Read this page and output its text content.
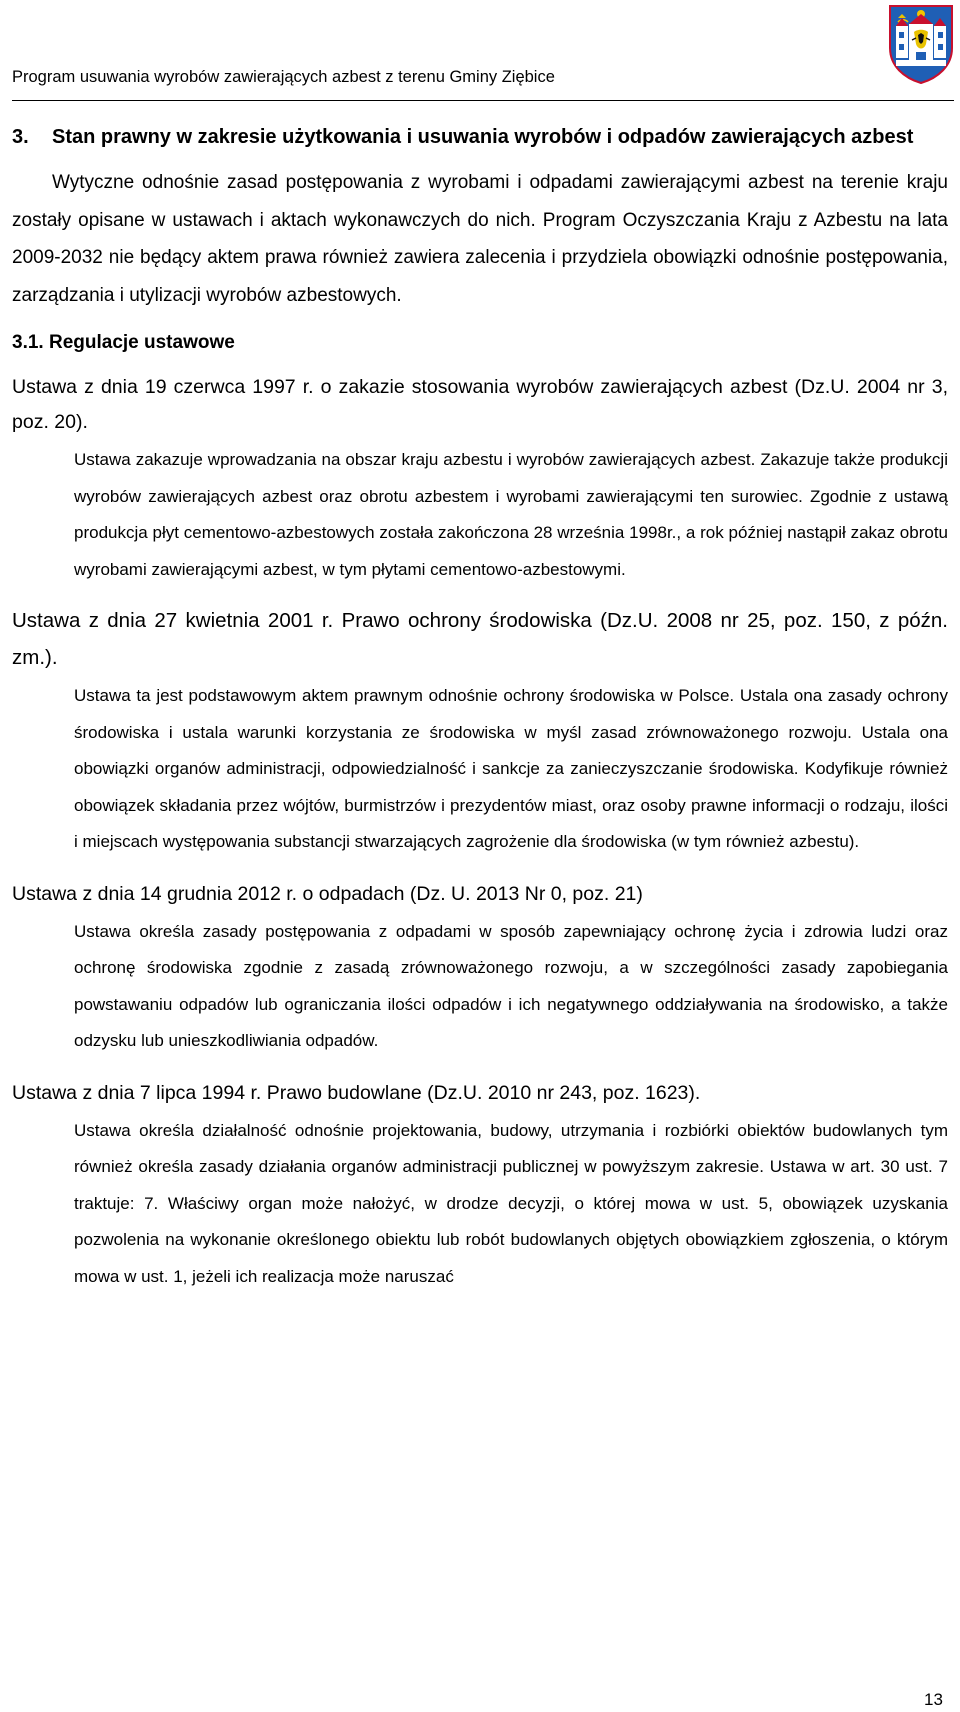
Program usuwania wyrobów zawierających azbest z terenu Gminy Ziębice
3.	Stan prawny w zakresie użytkowania i usuwania wyrobów i odpadów zawierających azbest

Wytyczne odnośnie zasad postępowania z wyrobami i odpadami zawierającymi azbest na terenie kraju zostały opisane w ustawach i aktach wykonawczych do nich. Program Oczyszczania Kraju z Azbestu na lata 2009-2032 nie będący aktem prawa również zawiera zalecenia i przydziela obowiązki odnośnie postępowania, zarządzania i utylizacji wyrobów azbestowych.

3.1. Regulacje ustawowe

Ustawa z dnia 19 czerwca 1997 r. o zakazie stosowania wyrobów zawierających azbest (Dz.U. 2004 nr 3, poz. 20).

Ustawa zakazuje wprowadzania na obszar kraju azbestu i wyrobów zawierających azbest. Zakazuje także produkcji wyrobów zawierających azbest oraz obrotu azbestem i wyrobami zawierającymi ten surowiec. Zgodnie z ustawą produkcja płyt cementowo-azbestowych została zakończona 28 września 1998r., a rok później nastąpił zakaz obrotu wyrobami zawierającymi azbest, w tym płytami cementowo-azbestowymi.

Ustawa z dnia 27 kwietnia 2001 r. Prawo ochrony środowiska (Dz.U. 2008 nr 25, poz. 150, z późn. zm.).

Ustawa ta jest podstawowym aktem prawnym odnośnie ochrony środowiska w Polsce. Ustala ona zasady ochrony środowiska i ustala warunki korzystania ze środowiska w myśl zasad zrównoważonego rozwoju. Ustala ona obowiązki organów administracji, odpowiedzialność i sankcje za zanieczyszczanie środowiska. Kodyfikuje również obowiązek składania przez wójtów, burmistrzów i prezydentów miast, oraz osoby prawne informacji o rodzaju, ilości i miejscach występowania substancji stwarzających zagrożenie dla środowiska (w tym również azbestu).

Ustawa z dnia 14 grudnia 2012 r. o odpadach (Dz. U. 2013 Nr 0, poz. 21)

Ustawa określa zasady postępowania z odpadami w sposób zapewniający ochronę życia i zdrowia ludzi oraz ochronę środowiska zgodnie z zasadą zrównoważonego rozwoju, a w szczególności zasady zapobiegania powstawaniu odpadów lub ograniczania ilości odpadów i ich negatywnego oddziaływania na środowisko, a także odzysku lub unieszkodliwiania odpadów.

Ustawa z dnia 7 lipca 1994 r. Prawo budowlane (Dz.U. 2010 nr 243, poz. 1623).

Ustawa określa działalność odnośnie projektowania, budowy, utrzymania i rozbiórki obiektów budowlanych tym również określa zasady działania organów administracji publicznej w powyższym zakresie. Ustawa w art. 30 ust. 7 traktuje: 7. Właściwy organ może nałożyć, w drodze decyzji, o której mowa w ust. 5, obowiązek uzyskania pozwolenia na wykonanie określonego obiektu lub robót budowlanych objętych obowiązkiem zgłoszenia, o którym mowa w ust. 1, jeżeli ich realizacja może naruszać

13
